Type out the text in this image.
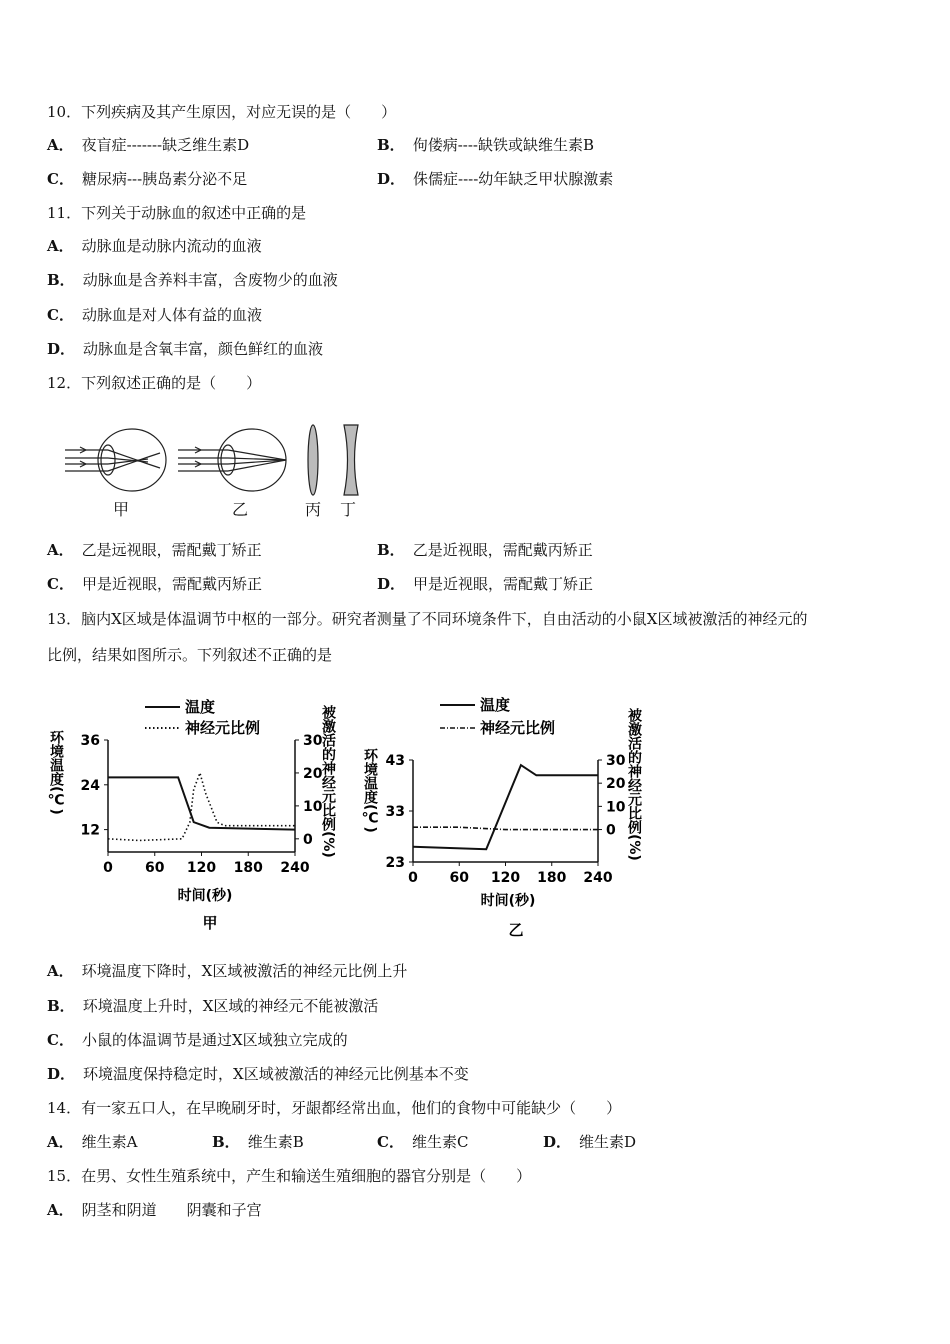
10．下列疾病及其产生原因，对应无误的是（　　）
A． 夜盲症-------缺乏维生素D	B． 佝偻病----缺铁或缺维生素B
C． 糖尿病---胰岛素分泌不足	D． 侏儒症----幼年缺乏甲状腺激素
11．下列关于动脉血的叙述中正确的是
A． 动脉血是动脉内流动的血液
B． 动脉血是含养料丰富，含废物少的血液
C． 动脉血是对人体有益的血液
D． 动脉血是含氧丰富，颜色鲜红的血液
12．下列叙述正确的是（　　）
甲	乙	丙 丁
A． 乙是远视眼，需配戴丁矫正	B． 乙是近视眼，需配戴丙矫正
C． 甲是近视眼，需配戴丙矫正	D． 甲是近视眼，需配戴丁矫正
13．脑内X区域是体温调节中枢的一部分。研究者测量了不同环境条件下，自由活动的小鼠X区域被激活的神经元的
比例，结果如图所示。下列叙述不正确的是
温度
神经元比例
环境温度(℃)	被激活的神经元比例(%)
0 60 120 180 240
12
24
36
0
10
20
30
时间(秒)
甲
温度
神经元比例
环境温度(℃)	被激活的神经元比例(%)
0 60 120 180 240
23
33
43
0
10
20
30
时间(秒)
乙
A． 环境温度下降时，X区域被激活的神经元比例上升
B． 环境温度上升时，X区域的神经元不能被激活
C． 小鼠的体温调节是通过X区域独立完成的
D． 环境温度保持稳定时，X区域被激活的神经元比例基本不变
14．有一家五口人，在早晚刷牙时，牙龈都经常出血，他们的食物中可能缺少（　　）
A． 维生素A	B． 维生素B	C． 维生素C	D． 维生素D
15．在男、女性生殖系统中，产生和输送生殖细胞的器官分别是（　　）
A． 阴茎和阴道　　阴囊和子宫
